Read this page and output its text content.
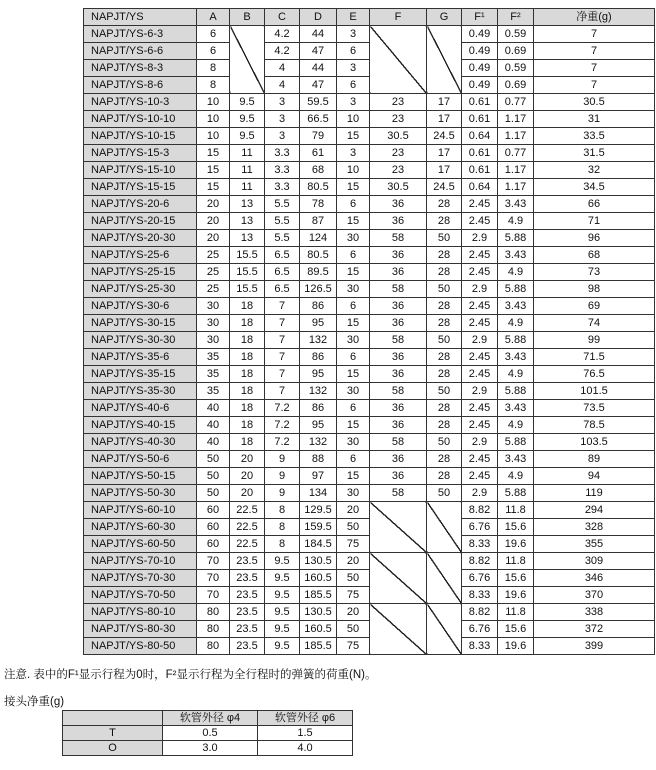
NAPJT/YS	A	B	C	D	E	F	G	F¹	F²	净重(g)
NAPJT/YS-6-3	6		4.2	44	3			0.49	0.59	7
NAPJT/YS-6-6	6		4.2	47	6			0.49	0.69	7
NAPJT/YS-8-3	8		4	44	3			0.49	0.59	7
NAPJT/YS-8-6	8		4	47	6			0.49	0.69	7
NAPJT/YS-10-3	10	9.5	3	59.5	3	23	17	0.61	0.77	30.5
NAPJT/YS-10-10	10	9.5	3	66.5	10	23	17	0.61	1.17	31
NAPJT/YS-10-15	10	9.5	3	79	15	30.5	24.5	0.64	1.17	33.5
NAPJT/YS-15-3	15	11	3.3	61	3	23	17	0.61	0.77	31.5
NAPJT/YS-15-10	15	11	3.3	68	10	23	17	0.61	1.17	32
NAPJT/YS-15-15	15	11	3.3	80.5	15	30.5	24.5	0.64	1.17	34.5
NAPJT/YS-20-6	20	13	5.5	78	6	36	28	2.45	3.43	66
NAPJT/YS-20-15	20	13	5.5	87	15	36	28	2.45	4.9	71
NAPJT/YS-20-30	20	13	5.5	124	30	58	50	2.9	5.88	96
NAPJT/YS-25-6	25	15.5	6.5	80.5	6	36	28	2.45	3.43	68
NAPJT/YS-25-15	25	15.5	6.5	89.5	15	36	28	2.45	4.9	73
NAPJT/YS-25-30	25	15.5	6.5	126.5	30	58	50	2.9	5.88	98
NAPJT/YS-30-6	30	18	7	86	6	36	28	2.45	3.43	69
NAPJT/YS-30-15	30	18	7	95	15	36	28	2.45	4.9	74
NAPJT/YS-30-30	30	18	7	132	30	58	50	2.9	5.88	99
NAPJT/YS-35-6	35	18	7	86	6	36	28	2.45	3.43	71.5
NAPJT/YS-35-15	35	18	7	95	15	36	28	2.45	4.9	76.5
NAPJT/YS-35-30	35	18	7	132	30	58	50	2.9	5.88	101.5
NAPJT/YS-40-6	40	18	7.2	86	6	36	28	2.45	3.43	73.5
NAPJT/YS-40-15	40	18	7.2	95	15	36	28	2.45	4.9	78.5
NAPJT/YS-40-30	40	18	7.2	132	30	58	50	2.9	5.88	103.5
NAPJT/YS-50-6	50	20	9	88	6	36	28	2.45	3.43	89
NAPJT/YS-50-15	50	20	9	97	15	36	28	2.45	4.9	94
NAPJT/YS-50-30	50	20	9	134	30	58	50	2.9	5.88	119
NAPJT/YS-60-10	60	22.5	8	129.5	20			8.82	11.8	294
NAPJT/YS-60-30	60	22.5	8	159.5	50			6.76	15.6	328
NAPJT/YS-60-50	60	22.5	8	184.5	75			8.33	19.6	355
NAPJT/YS-70-10	70	23.5	9.5	130.5	20			8.82	11.8	309
NAPJT/YS-70-30	70	23.5	9.5	160.5	50			6.76	15.6	346
NAPJT/YS-70-50	70	23.5	9.5	185.5	75			8.33	19.6	370
NAPJT/YS-80-10	80	23.5	9.5	130.5	20			8.82	11.8	338
NAPJT/YS-80-30	80	23.5	9.5	160.5	50			6.76	15.6	372
NAPJT/YS-80-50	80	23.5	9.5	185.5	75			8.33	19.6	399

注意. 表中的F¹显示行程为0时，F²显示行程为全行程时的弹簧的荷重(N)。

接头净重(g)

	软管外径 φ4	软管外径 φ6
T	0.5	1.5
O	3.0	4.0
